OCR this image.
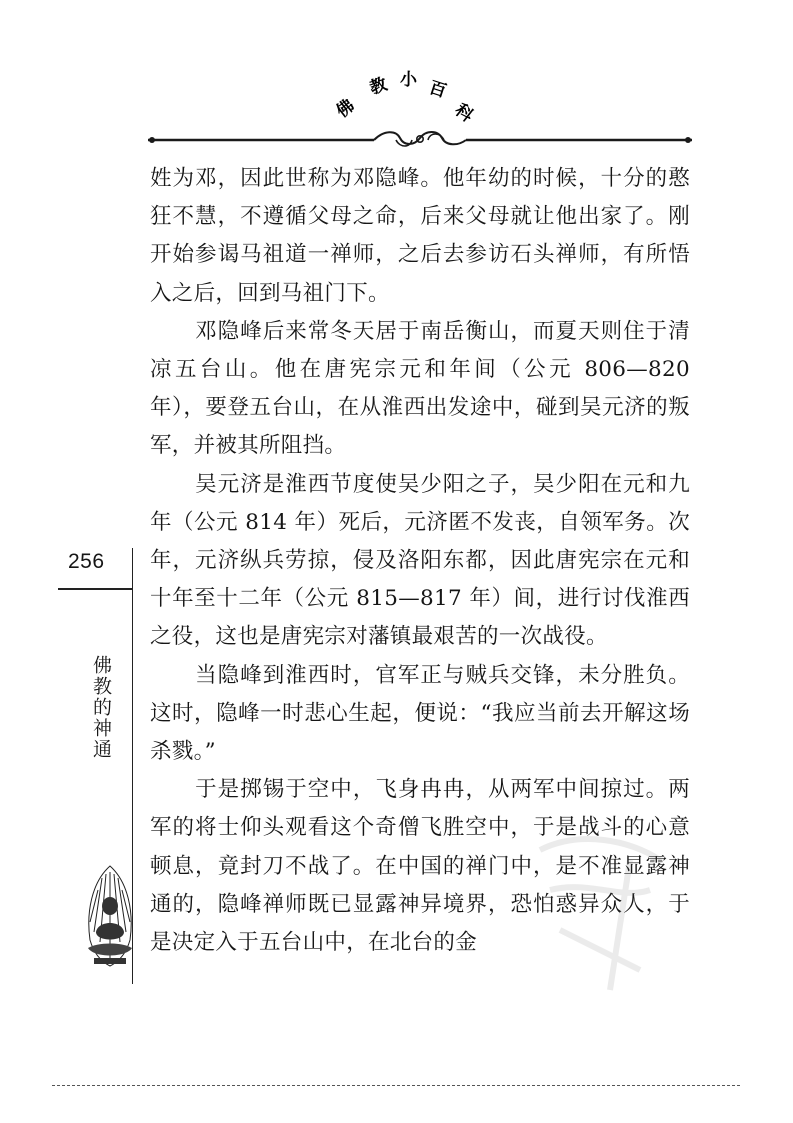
佛
教 小 百
科

姓为邓，因此世称为邓隐峰。他年幼的时候，十分的憨狂不慧，不遵循父母之命，后来父母就让他出家了。刚开始参谒马祖道一禅师，之后去参访石头禅师，有所悟入之后，回到马祖门下。

邓隐峰后来常冬天居于南岳衡山，而夏天则住于清凉五台山。他在唐宪宗元和年间（公元 806—820 年），要登五台山，在从淮西出发途中，碰到吴元济的叛军，并被其所阻挡。

吴元济是淮西节度使吴少阳之子，吴少阳在元和九年（公元 814 年）死后，元济匿不发丧，自领军务。次年，元济纵兵劳掠，侵及洛阳东都，因此唐宪宗在元和十年至十二年（公元 815—817 年）间，进行讨伐淮西之役，这也是唐宪宗对藩镇最艰苦的一次战役。

当隐峰到淮西时，官军正与贼兵交锋，未分胜负。这时，隐峰一时悲心生起，便说：“我应当前去开解这场杀戮。”

于是掷锡于空中，飞身冉冉，从两军中间掠过。两军的将士仰头观看这个奇僧飞胜空中，于是战斗的心意顿息，竟封刀不战了。在中国的禅门中，是不准显露神通的，隐峰禅师既已显露神异境界，恐怕惑异众人，于是决定入于五台山中，在北台的金

256
佛教的神通
